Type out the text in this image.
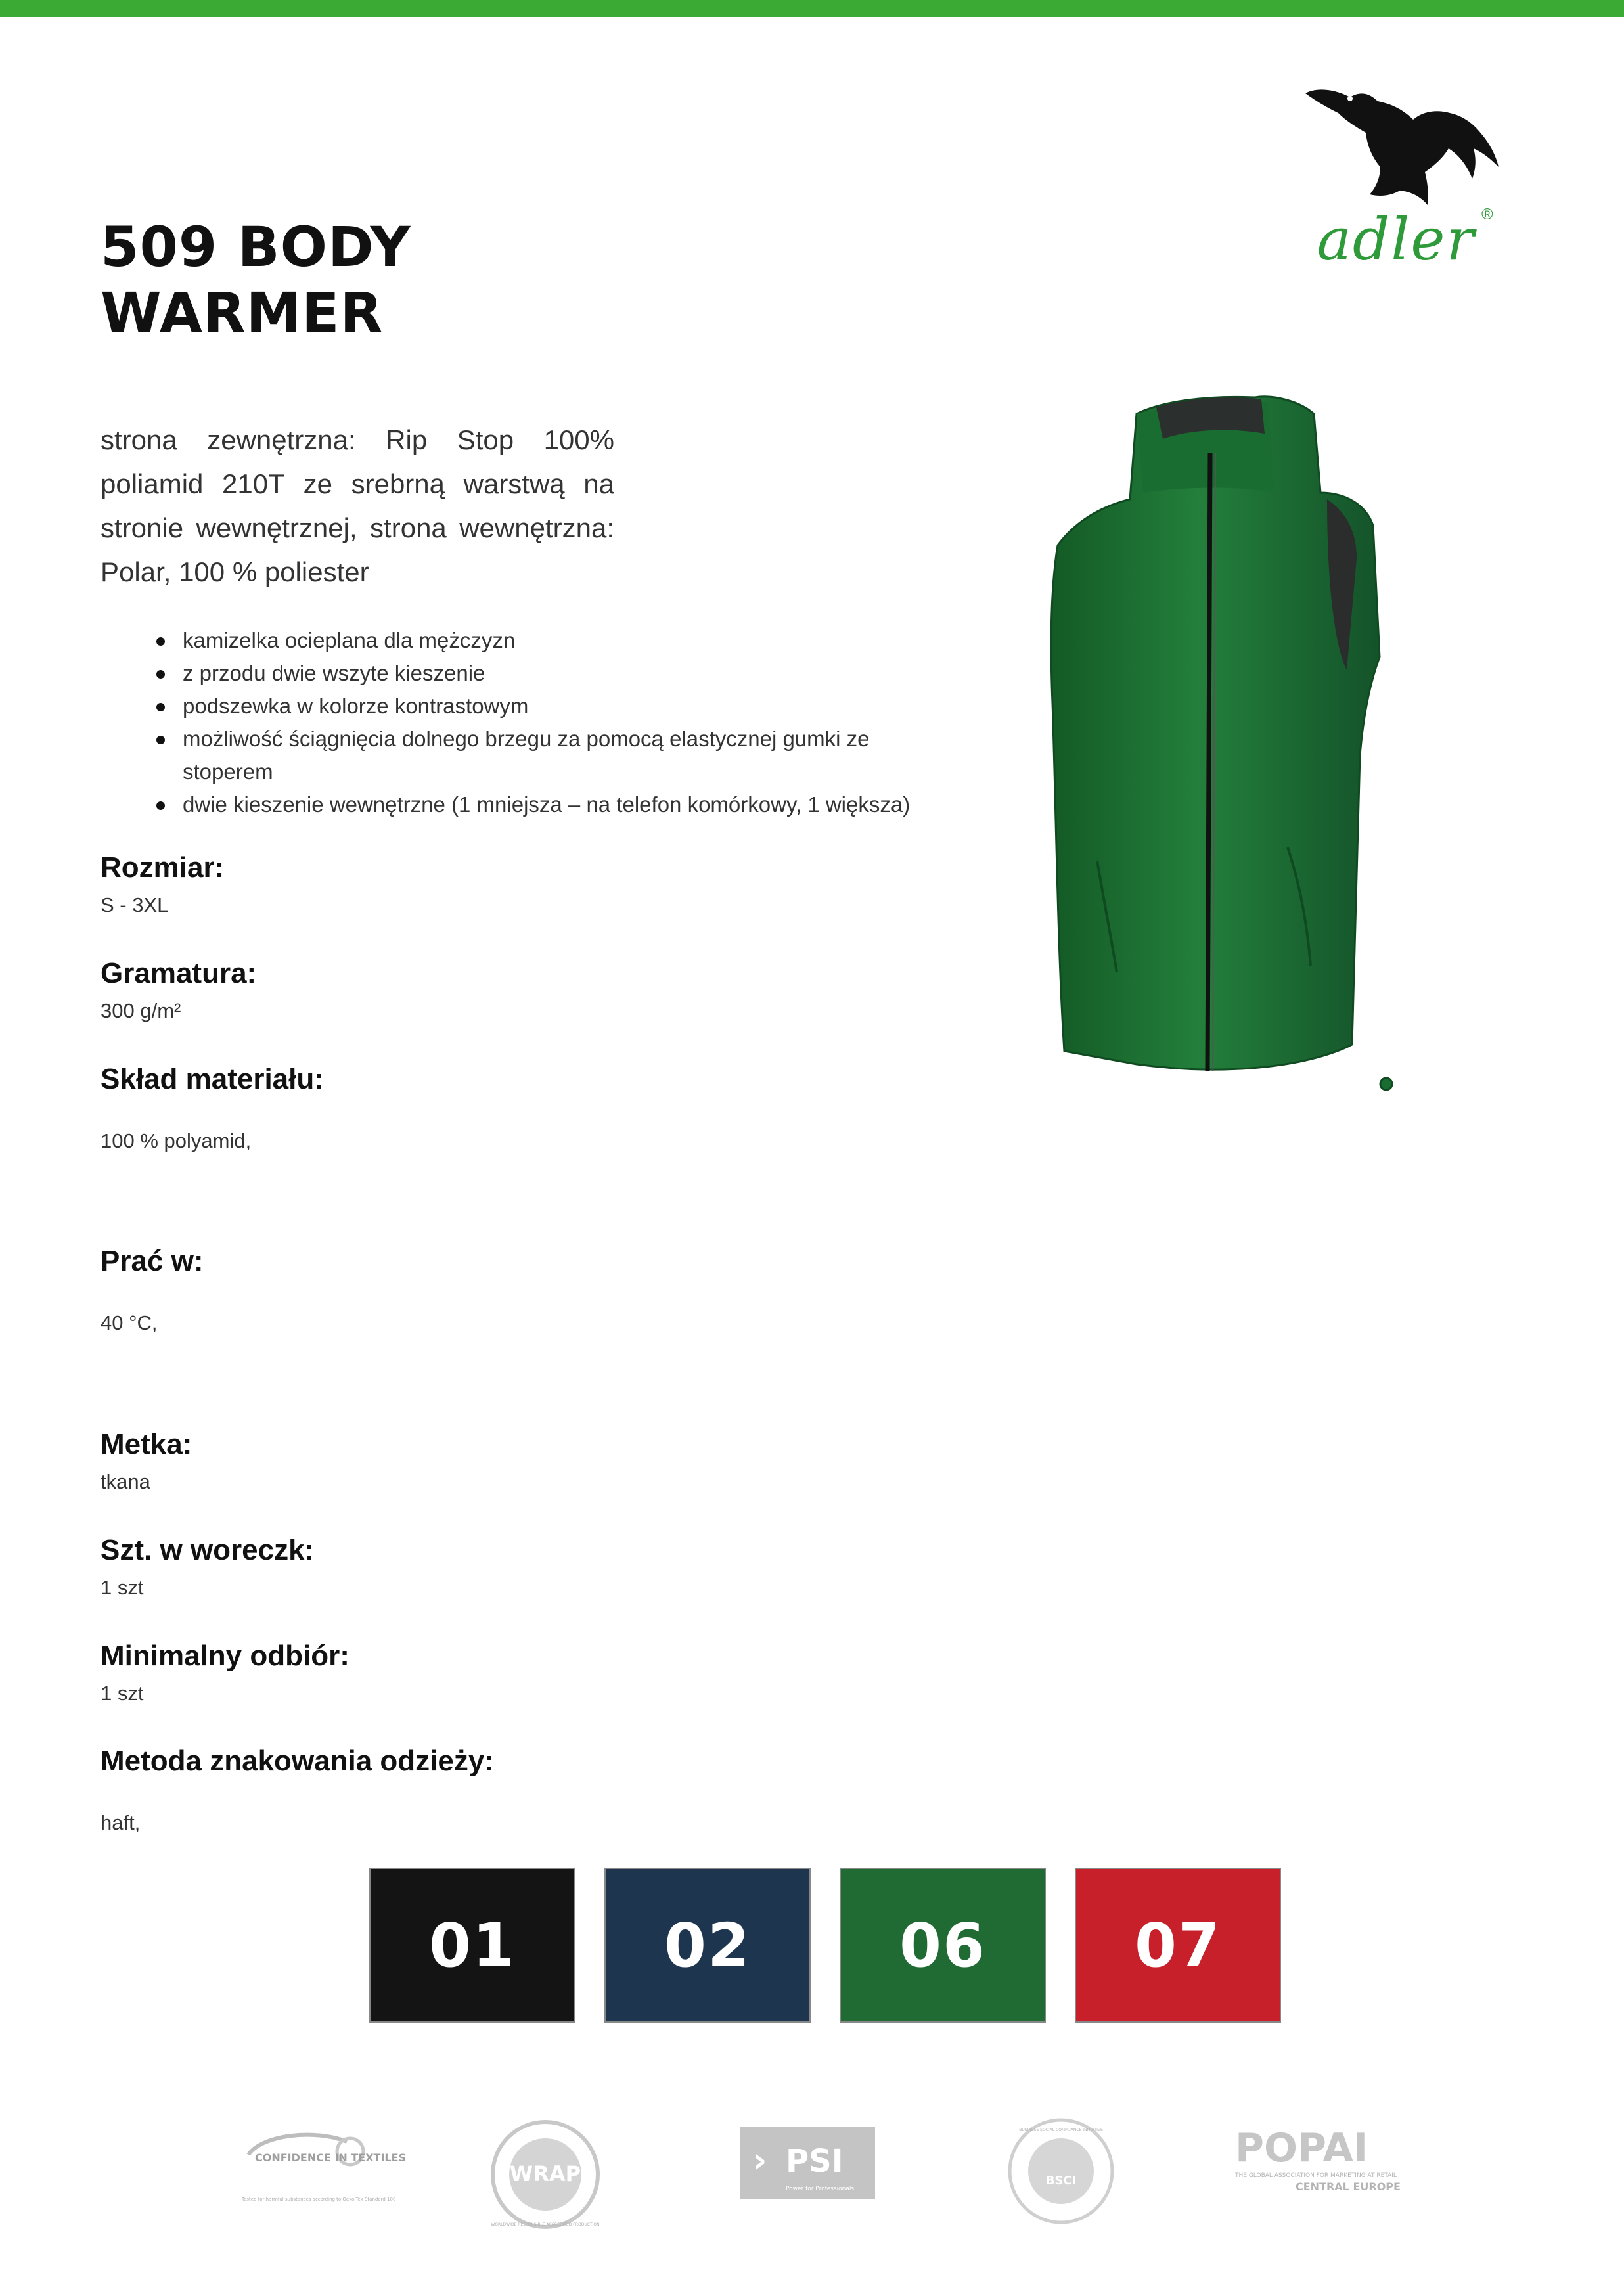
509 BODY
WARMER
adler ®
strona zewnętrzna: Rip Stop 100% poliamid 210T ze srebrną warstwą na stronie wewnętrznej, strona wewnętrzna: Polar, 100 % poliester
kamizelka ocieplana dla mężczyzn
z przodu dwie wszyte kieszenie
podszewka w kolorze kontrastowym
możliwość ściągnięcia dolnego brzegu za pomocą elastycznej gumki ze stoperem
dwie kieszenie wewnętrzne (1 mniejsza – na telefon komórkowy, 1 większa)
Rozmiar:
S - 3XL
Gramatura:
300 g/m²
Skład materiału:
100 % polyamid,
Prać w:
40 °C,
Metka:
tkana
Szt. w woreczk:
1 szt
Minimalny odbiór:
1 szt
Metoda znakowania odzieży:
haft,
01 02 06 07
CONFIDENCE IN TEXTILES
Tested for harmful substances according to Oeko-Tex Standard 100
WRAP
WORLDWIDE RESPONSIBLE ACCREDITED PRODUCTION
› PSI
Power for Professionals
BSCI
BUSINESS SOCIAL COMPLIANCE INITIATIVE	POPAI
THE GLOBAL ASSOCIATION FOR MARKETING AT RETAIL
CENTRAL EUROPE
